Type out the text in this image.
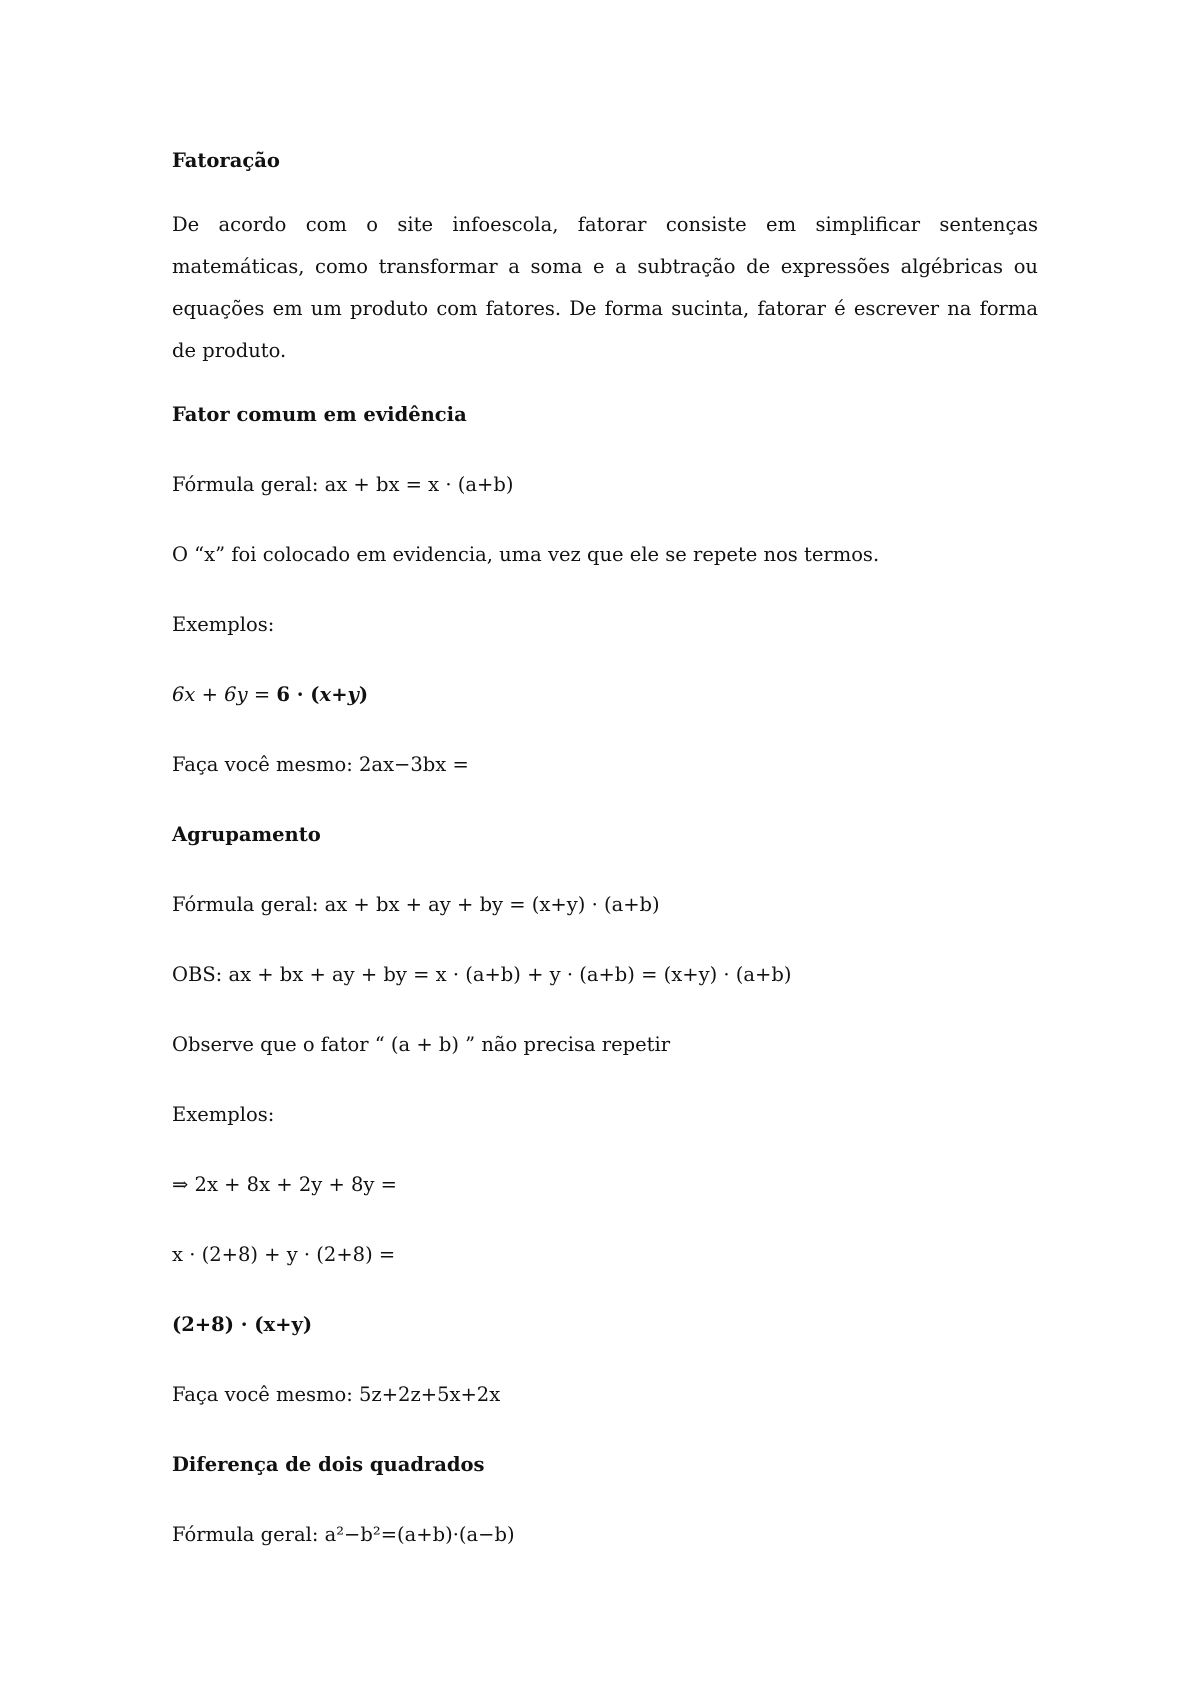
Fatoração

De acordo com o site infoescola, fatorar consiste em simplificar sentenças matemáticas, como transformar a soma e a subtração de expressões algébricas ou equações em um produto com fatores. De forma sucinta, fatorar é escrever na forma de produto.

Fator comum em evidência

Fórmula geral: ax + bx = x · (a+b)

O “x” foi colocado em evidencia, uma vez que ele se repete nos termos.

Exemplos:

6x + 6y = 6 · (x+y)

Faça você mesmo: 2ax−3bx =

Agrupamento

Fórmula geral: ax + bx + ay + by = (x+y) · (a+b)

OBS: ax + bx + ay + by = x · (a+b) + y · (a+b) = (x+y) · (a+b)

Observe que o fator “ (a + b) ” não precisa repetir

Exemplos:

⇒ 2x + 8x + 2y + 8y =

x · (2+8) + y · (2+8) =

(2+8) · (x+y)

Faça você mesmo: 5z+2z+5x+2x

Diferença de dois quadrados

Fórmula geral: a²−b²=(a+b)·(a−b)
